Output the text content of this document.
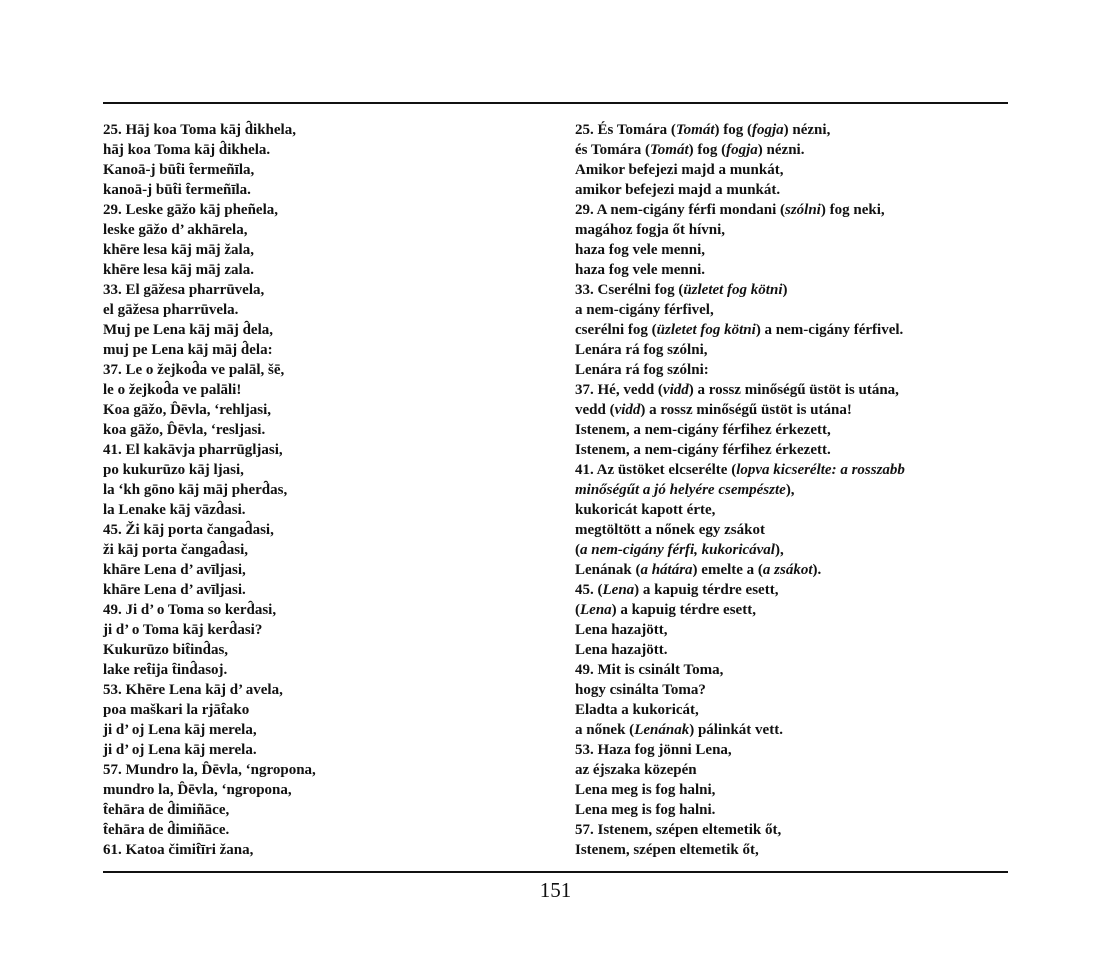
25. Hāj koa Toma kāj d̑ikhela,
hāj koa Toma kāj d̑ikhela.
Kanoā-j būt̑i t̑ermeñīla,
kanoā-j būt̑i t̑ermeñīla.
29. Leske gāžo kāj pheñela,
leske gāžo d’ akhārela,
khēre lesa kāj māj žala,
khēre lesa kāj māj zala.
33. El gāžesa pharrūvela,
el gāžesa pharrūvela.
Muj pe Lena kāj māj d̑ela,
muj pe Lena kāj māj d̑ela:
37. Le o žejkod̑a ve palāl, šē,
le o žejkod̑a ve palāli!
Koa gāžo, D̑ēvla, ‘rehljasi,
koa gāžo, D̑ēvla, ‘resljasi.
41. El kakāvja pharrūgljasi,
po kukurūzo kāj ljasi,
la ‘kh gōno kāj māj pherd̑as,
la Lenake kāj vāzd̑asi.
45. Ži kāj porta čangad̑asi,
ži kāj porta čangad̑asi,
khāre Lena d’ avīljasi,
khāre Lena d’ avīljasi.
49. Ji d’ o Toma so kerd̑asi,
ji d’ o Toma kāj kerd̑asi?
Kukurūzo bit̑ind̑as,
lake ret̑ija t̑ind̑asoj.
53. Khēre Lena kāj d’ avela,
poa maškari la rjāt̑ako
ji d’ oj Lena kāj merela,
ji d’ oj Lena kāj merela.
57. Mundro la, D̑ēvla, ‘ngropona,
mundro la, D̑ēvla, ‘ngropona,
t̑ehāra de d̑imiñāce,
t̑ehāra de d̑imiñāce.
61. Katoa čimit̑īri žana,
25. És Tomára (Tomát) fog (fogja) nézni,
és Tomára (Tomát) fog (fogja) nézni.
Amikor befejezi majd a munkát,
amikor befejezi majd a munkát.
29. A nem-cigány férfi mondani (szólni) fog neki,
magához fogja őt hívni,
haza fog vele menni,
haza fog vele menni.
33. Cserélni fog (üzletet fog kötni)
a nem-cigány férfivel,
cserélni fog (üzletet fog kötni) a nem-cigány férfivel.
Lenára rá fog szólni,
Lenára rá fog szólni:
37. Hé, vedd (vidd) a rossz minőségű üstöt is utána,
vedd (vidd) a rossz minőségű üstöt is utána!
Istenem, a nem-cigány férfihez érkezett,
Istenem, a nem-cigány férfihez érkezett.
41. Az üstöket elcserélte (lopva kicserélte: a rosszabb
minőségűt a jó helyére csempészte),
kukoricát kapott érte,
megtöltött a nőnek egy zsákot
(a nem-cigány férfi, kukoricával),
Lenának (a hátára) emelte a (a zsákot).
45. (Lena) a kapuig térdre esett,
(Lena) a kapuig térdre esett,
Lena hazajött,
Lena hazajött.
49. Mit is csinált Toma,
hogy csinálta Toma?
Eladta a kukoricát,
a nőnek (Lenának) pálinkát vett.
53. Haza fog jönni Lena,
az éjszaka közepén
Lena meg is fog halni,
Lena meg is fog halni.
57. Istenem, szépen eltemetik őt,
Istenem, szépen eltemetik őt,
151
